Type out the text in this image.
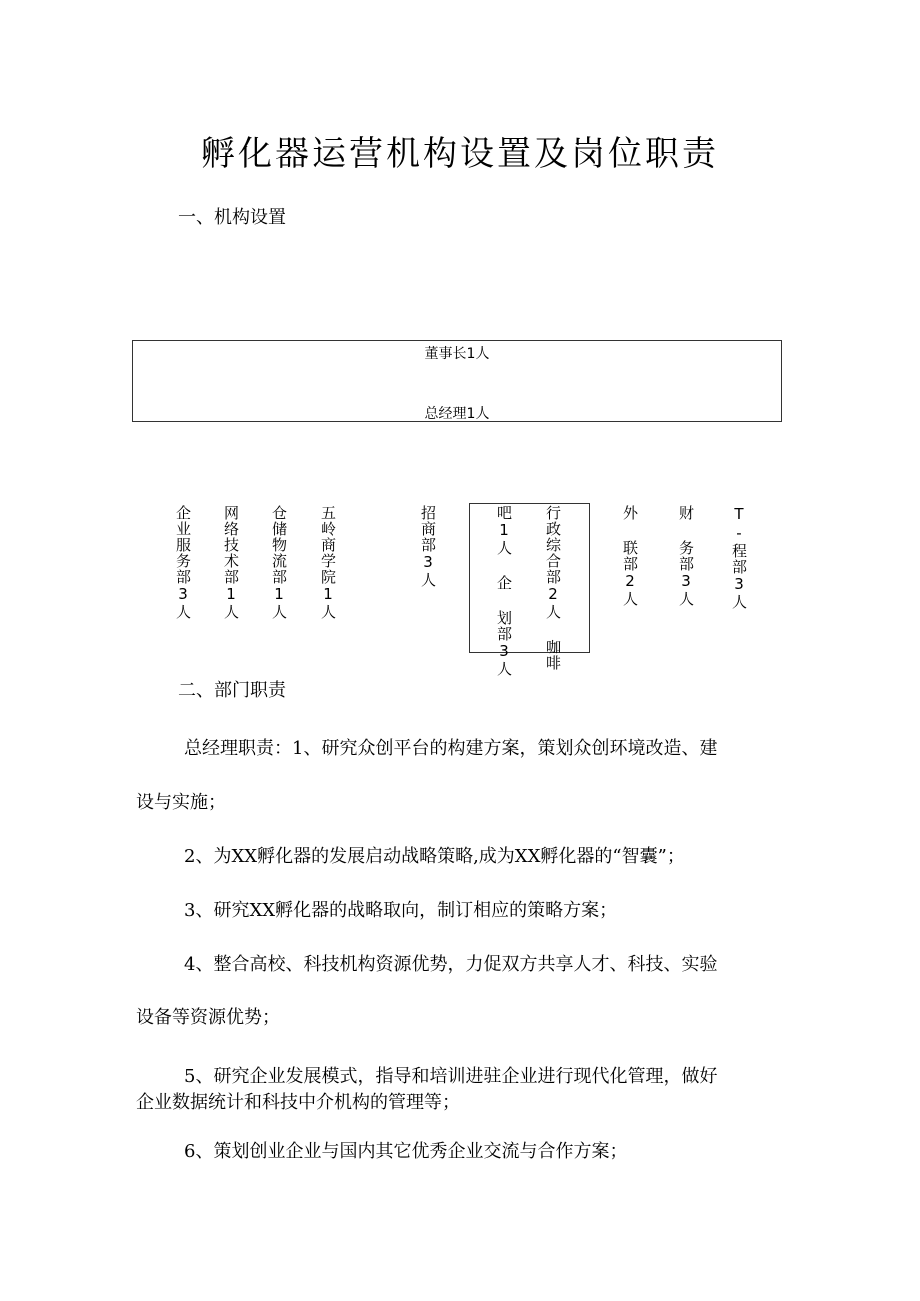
孵化器运营机构设置及岗位职责
一、机构设置
董事长1人
总经理1人
企业服务部3人 网络技术部1人 仓储物流部1人 五岭商学院1人	招商部3人	吧1人 企 划部3人 行政综合部2人 咖啡	外 联部2人	财 务部3人 T-程部3人
二、部门职责
总经理职责：1、研究众创平台的构建方案，策划众创环境改造、建
设与实施；
2、为XX孵化器的发展启动战略策略,成为XX孵化器的“智囊”；
3、研究XX孵化器的战略取向，制订相应的策略方案；
4、整合高校、科技机构资源优势，力促双方共享人才、科技、实验
设备等资源优势；
5、研究企业发展模式，指导和培训进驻企业进行现代化管理，做好
企业数据统计和科技中介机构的管理等；
6、策划创业企业与国内其它优秀企业交流与合作方案；
